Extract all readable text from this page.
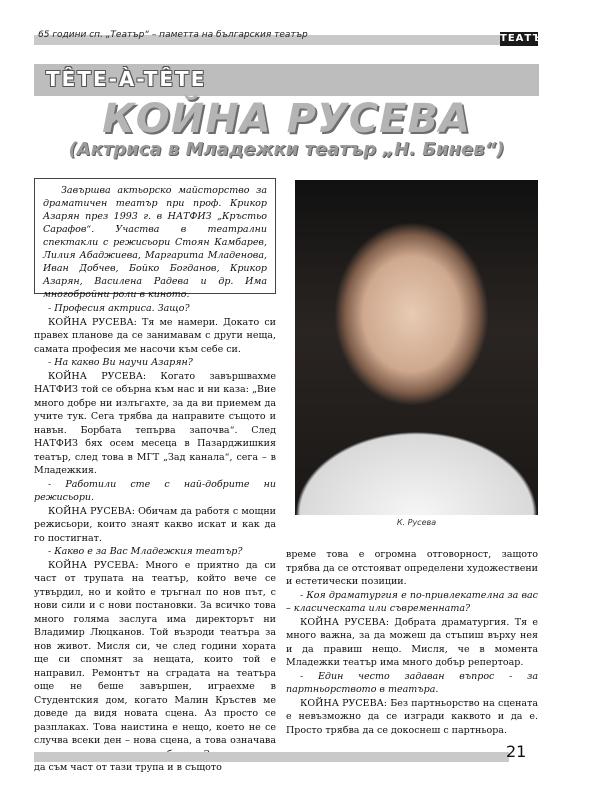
65 години сп. „Театър“ – паметта на българския театър	ТЕАТЪР
TÊTE-À-TÊTE
КОЙНА РУСЕВА
(Актриса в Младежки театър „Н. Бинев“)
Завършва актьорско майсторство за драматичен театър при проф. Крикор Азарян през 1993 г. в НАТФИЗ „Кръстьо Сарафов“. Участва в театрални спектакли с режисьори Стоян Камбарев, Лилия Абаджиева, Маргарита Младенова, Иван Добчев, Бойко Богданов, Крикор Азарян, Василена Радева и др. Има многобройни роли в киното.

- Професия актриса. Защо?

КОЙНА РУСЕВА: Тя ме намери. Докато си правех плановe да се занимавам с други неща, самата професия ме насочи към себе си.

- На какво Ви научи Азарян?

КОЙНА РУСЕВА: Когато завършвахме НАТФИЗ той се обърна към нас и ни каза: „Вие много добре ни излъгахте, за да ви приемем да учите тук. Сега трябва да направите същото и навън. Борбата тепърва започва“. След НАТФИЗ бях осем месеца в Пазарджишкия театър, след това в МГТ „Зад канала“, сега – в Младежкия.

- Работили сте с най-добрите ни режисьори.

КОЙНА РУСЕВА: Обичам да работя с мощни режисьори, които знаят какво искат и как да го постигнат.

- Какво е за Вас Младежкия театър?

КОЙНА РУСЕВА: Много е приятно да си част от трупата на театър, който вече се утвърдил, но и който е тръгнал по нов път, с нови сили и с нови постановки. За всичко това много голяма заслуга има директорът ни Владимир Люцканов. Той възроди театъра за нов живот. Мисля си, че след години хората ще си спомнят за нещата, които той е направил. Ремонтът на сградата на театъра още не беше завършен, играехме в Студентския дом, когато Малин Кръстев ме доведе да видя новата сцена. Аз просто се разплаках. Това наистина е нещо, което не се случва всеки ден – нова сцена, а това означава да съм част от тази трупа и в същото

К. Русева

време това е огромна отговорност, защото трябва да се отстояват определени художествени и естетически позиции.

- Коя драматургия е по-привлекателна за вас – класическата или съвременната?

КОЙНА РУСЕВА: Добрата драматургия. Тя е много важна, за да можеш да стъпиш върху нея и да правиш нещо. Мисля, че в момента Младежки театър има много добър репертоар.

- Един често задаван въпрос - за партньорството в театъра.

КОЙНА РУСЕВА: Без партньорство на сцената е невъзможно да се изгради каквото и да е. Просто трябва да се докоснеш с партньора.

21
